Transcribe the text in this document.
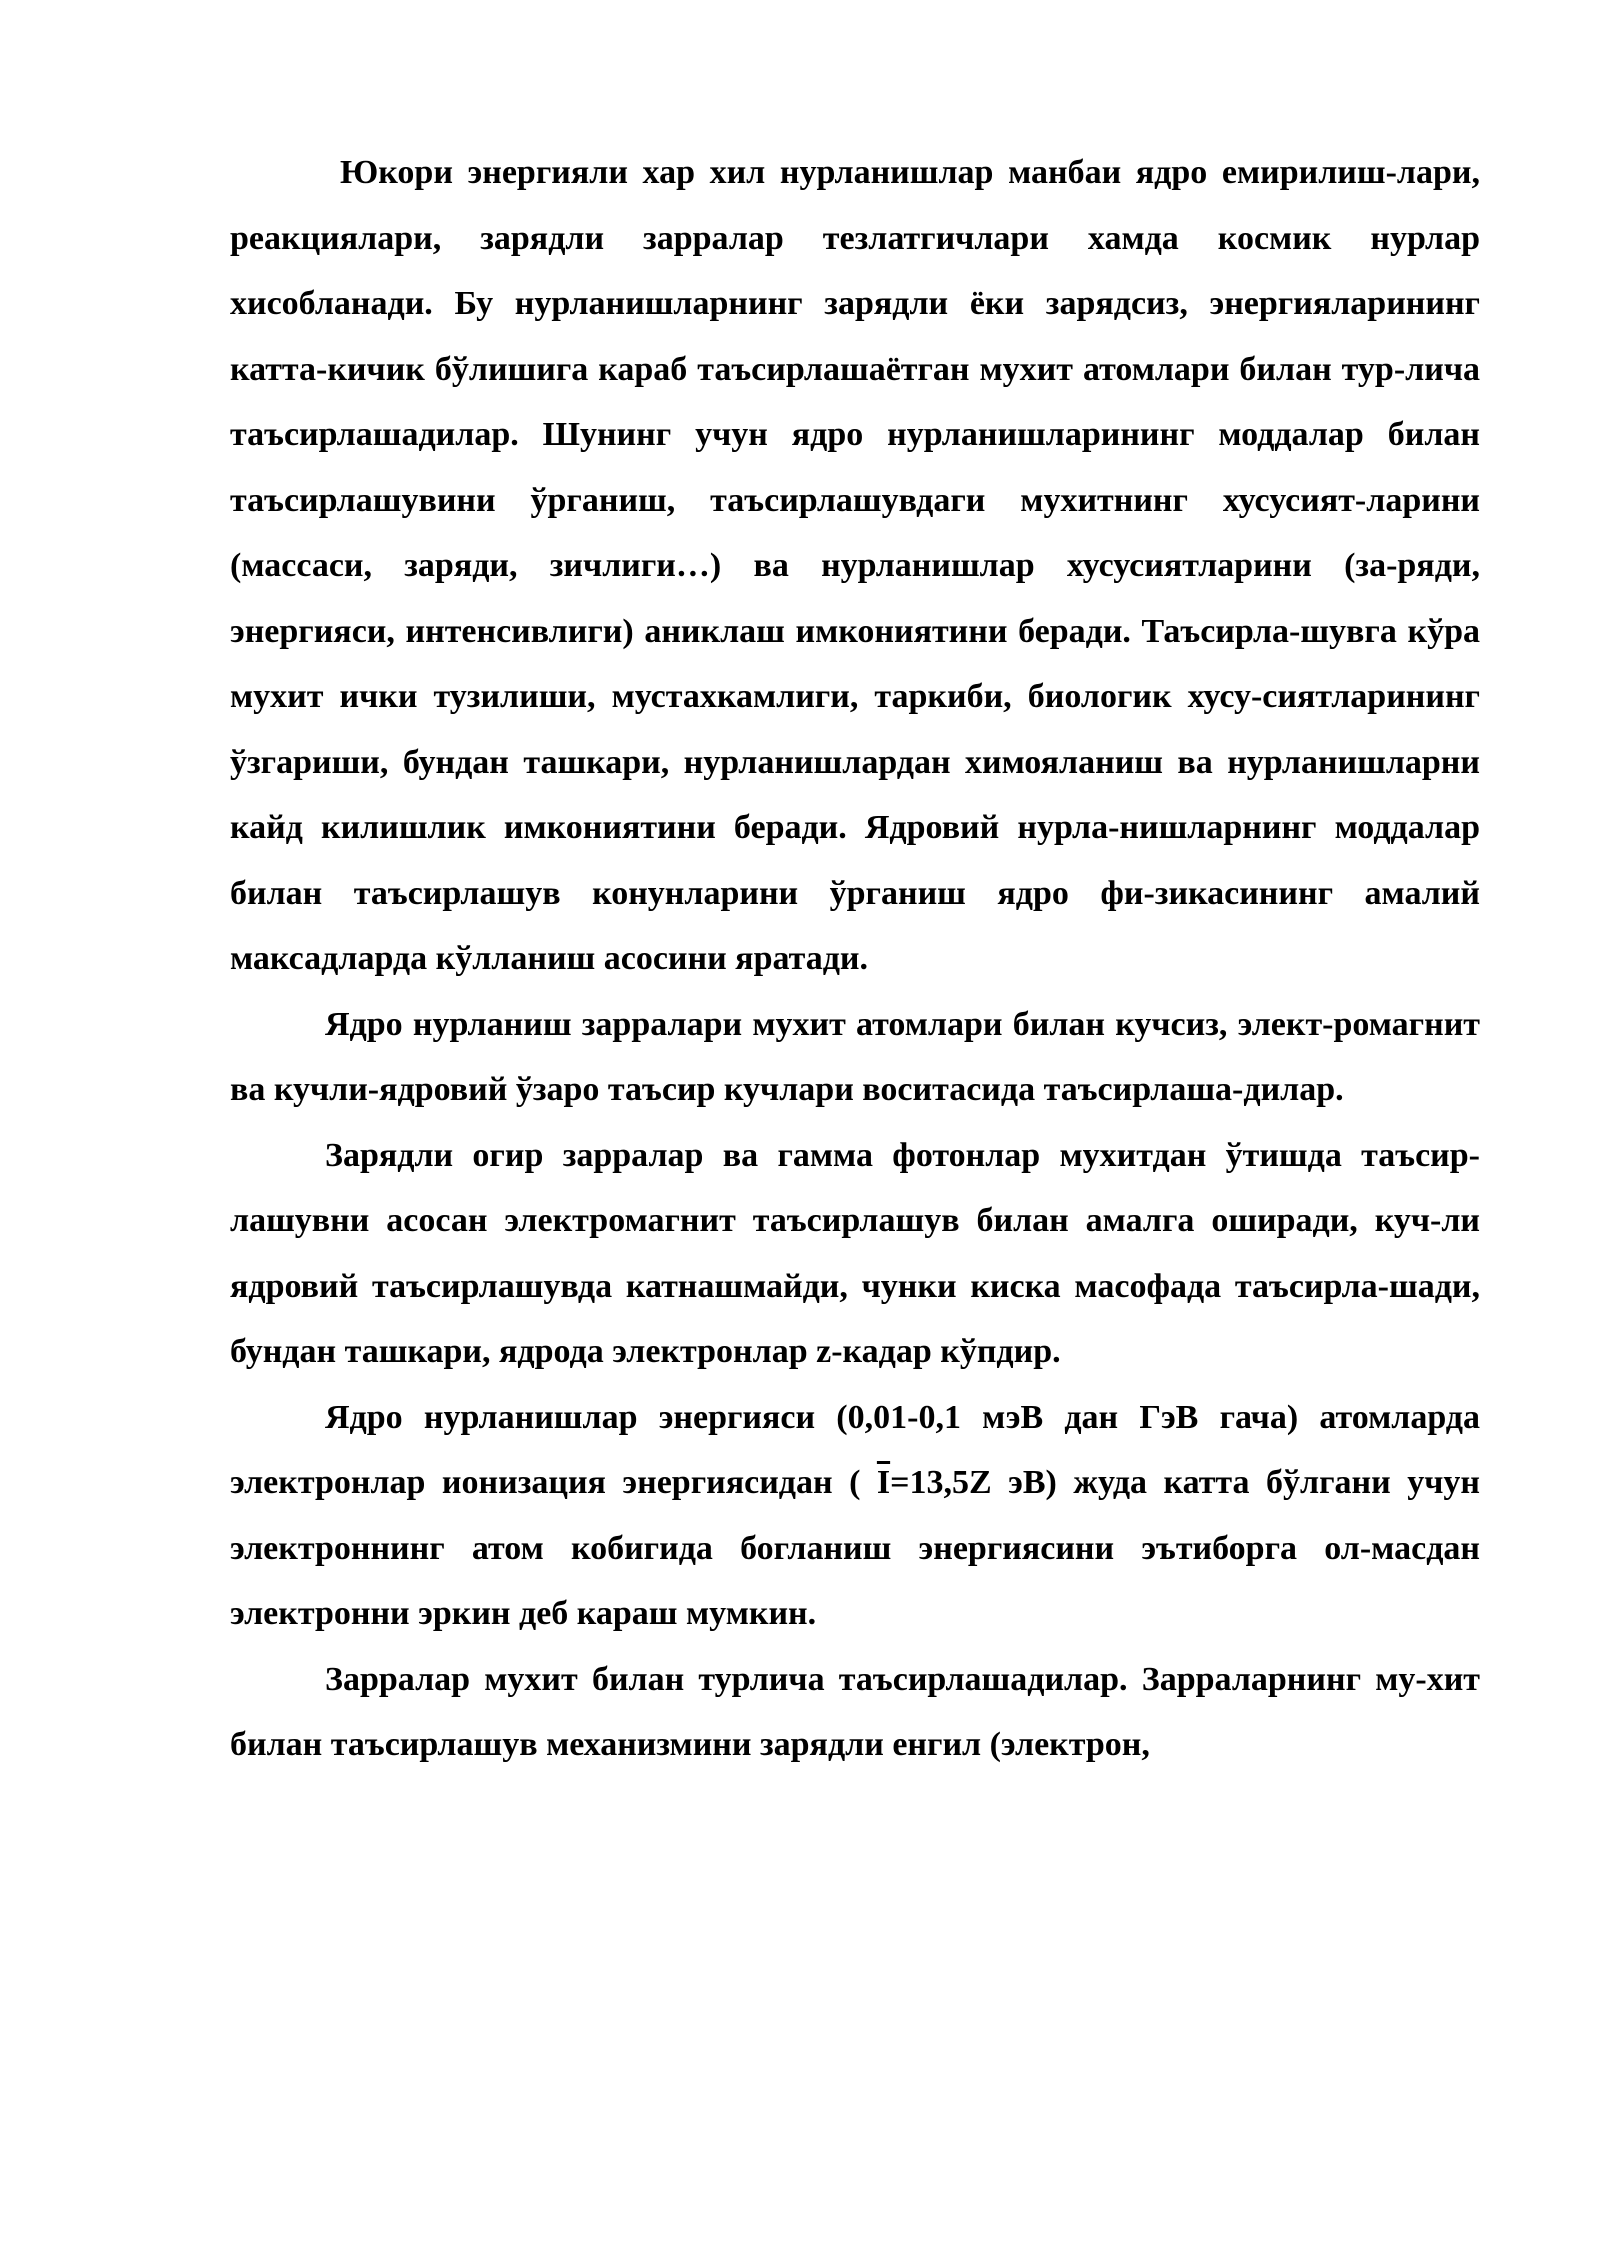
Юкори энергияли хар хил нурланишлар манбаи ядро емирилиш-лари, реакциялари, зарядли зарралар тезлатгичлари хамда космик нурлар хисобланади. Бу нурланишларнинг зарядли ёки зарядсиз, энергияларининг катта-кичик бўлишига караб таъсирлашаётган мухит атомлари билан тур-лича таъсирлашадилар. Шунинг учун ядро нурланишларининг моддалар билан таъсирлашувини ўрганиш, таъсирлашувдаги мухитнинг хусусият-ларини (массаси, заряди, зичлиги…) ва нурланишлар хусусиятларини (за-ряди, энергияси, интенсивлиги) аниклаш имкониятини беради. Таъсирла-шувга кўра мухит ички тузилиши, мустахкамлиги, таркиби, биологик хусу-сиятларининг ўзгариши, бундан ташкари, нурланишлардан химояланиш ва нурланишларни кайд килишлик имкониятини беради. Ядровий нурла-нишларнинг моддалар билан таъсирлашув конунларини ўрганиш ядро фи-зикасининг амалий максадларда кўлланиш асосини яратади.

Ядро нурланиш зарралари мухит атомлари билан кучсиз, элект-ромагнит ва кучли-ядровий ўзаро таъсир кучлари воситасида таъсирлаша-дилар.

Зарядли огир зарралар ва гамма фотонлар мухитдан ўтишда таъсир-лашувни асосан электромагнит таъсирлашув билан амалга оширади, куч-ли ядровий таъсирлашувда катнашмайди, чунки киска масофада таъсирла-шади, бундан ташкари, ядрода электронлар z-кадар кўпдир.

Ядро нурланишлар энергияси (0,01-0,1 мэВ дан ГэВ гача) атомларда электронлар ионизация энергиясидан ( $\overline{I}=13,5Z$ эВ) жуда катта бўлгани учун электроннинг атом кобигида богланиш энергиясини эътиборга ол-масдан электронни эркин деб караш мумкин.

Зарралар мухит билан турлича таъсирлашадилар. Зарраларнинг му-хит билан таъсирлашув механизмини зарядли енгил (электрон,
